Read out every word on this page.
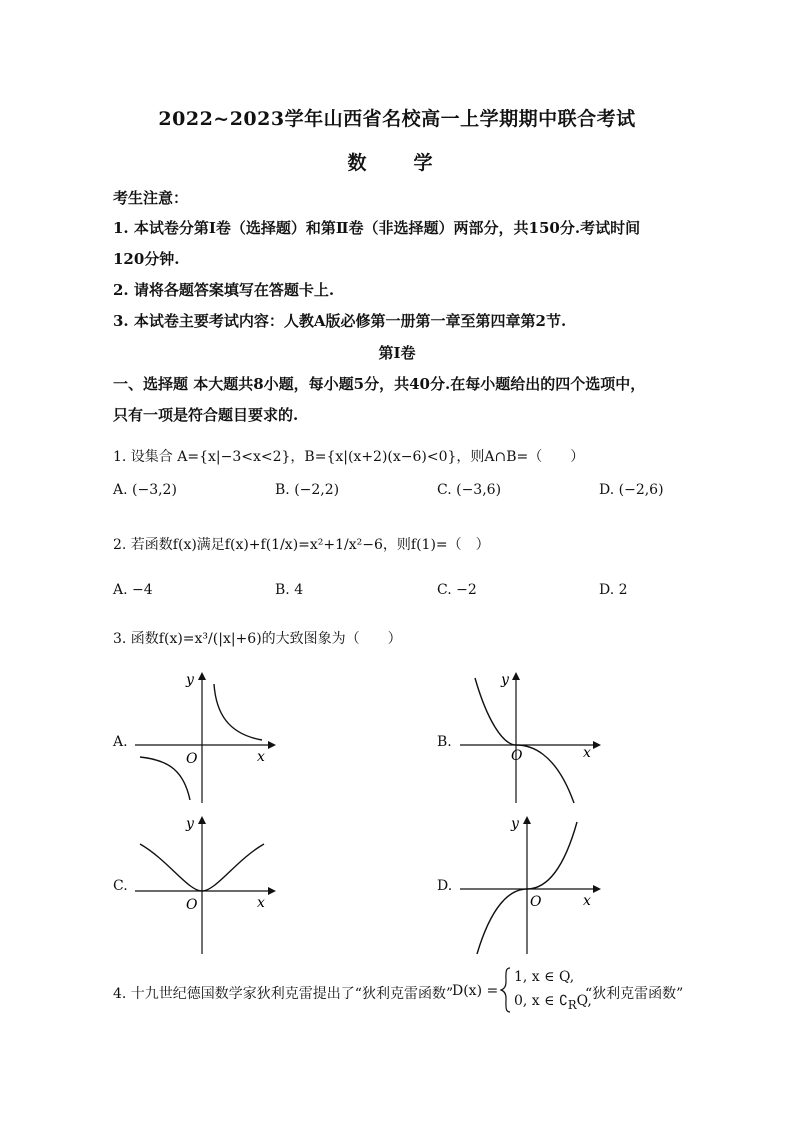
2022~2023学年山西省名校高一上学期期中联合考试
数　学
考生注意：
1. 本试卷分第Ⅰ卷（选择题）和第Ⅱ卷（非选择题）两部分，共150分.考试时间
120分钟.
2. 请将各题答案填写在答题卡上.
3. 本试卷主要考试内容：人教A版必修第一册第一章至第四章第2节.
第Ⅰ卷
一、选择题 本大题共8小题，每小题5分，共40分.在每小题给出的四个选项中，
只有一项是符合题目要求的.
1. 设集合 A={x|−3<x<2}，B={x|(x+2)(x−6)<0}，则A∩B=（　　）
A. (−3,2)	B. (−2,2)	C. (−3,6)	D. (−2,6)
2. 若函数f(x)满足f(x)+f(1/x)=x²+1/x²−6，则f(1)=（　）
A. −4	B. 4	C. −2	D. 2
3. 函数f(x)=x³/(|x|+6)的大致图象为（　　）
A.
y
O	x
B.
y
O	x
C.
y
O	x
D.
y
O	x
4. 十九世纪德国数学家狄利克雷提出了“狄利克雷函数”
D(x) =
1, x ∈ Q,
0, x ∈ $∁_RQ$,
“狄利克雷函数”
